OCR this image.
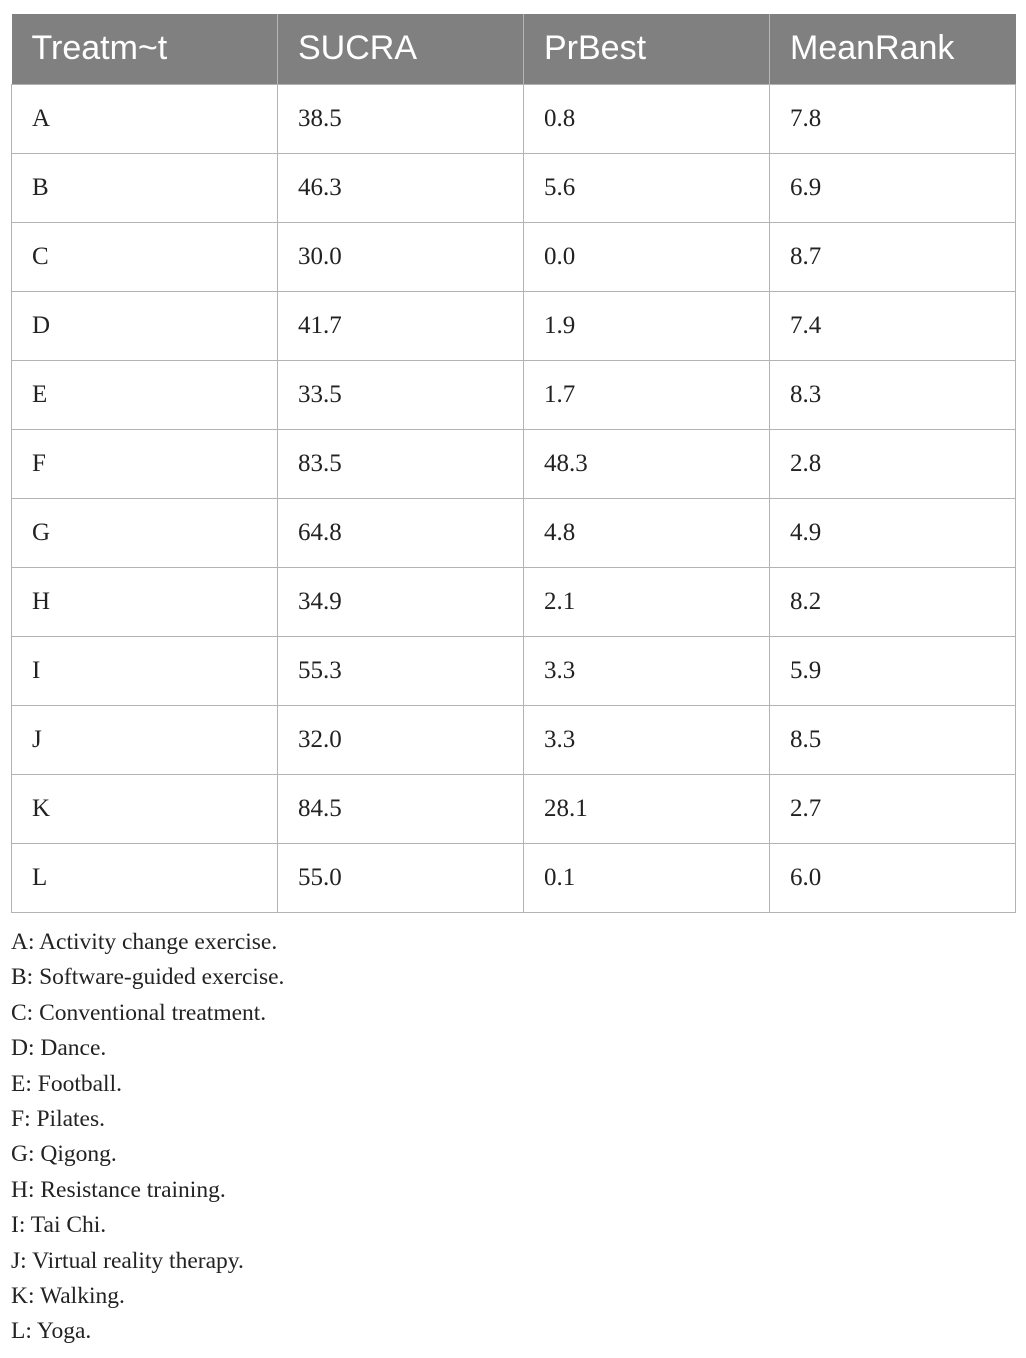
Treatm~t	SUCRA	PrBest	MeanRank
A	38.5	0.8	7.8
B	46.3	5.6	6.9
C	30.0	0.0	8.7
D	41.7	1.9	7.4
E	33.5	1.7	8.3
F	83.5	48.3	2.8
G	64.8	4.8	4.9
H	34.9	2.1	8.2
I	55.3	3.3	5.9
J	32.0	3.3	8.5
K	84.5	28.1	2.7
L	55.0	0.1	6.0
A: Activity change exercise.
B: Software-guided exercise.
C: Conventional treatment.
D: Dance.
E: Football.
F: Pilates.
G: Qigong.
H: Resistance training.
I: Tai Chi.
J: Virtual reality therapy.
K: Walking.
L: Yoga.
